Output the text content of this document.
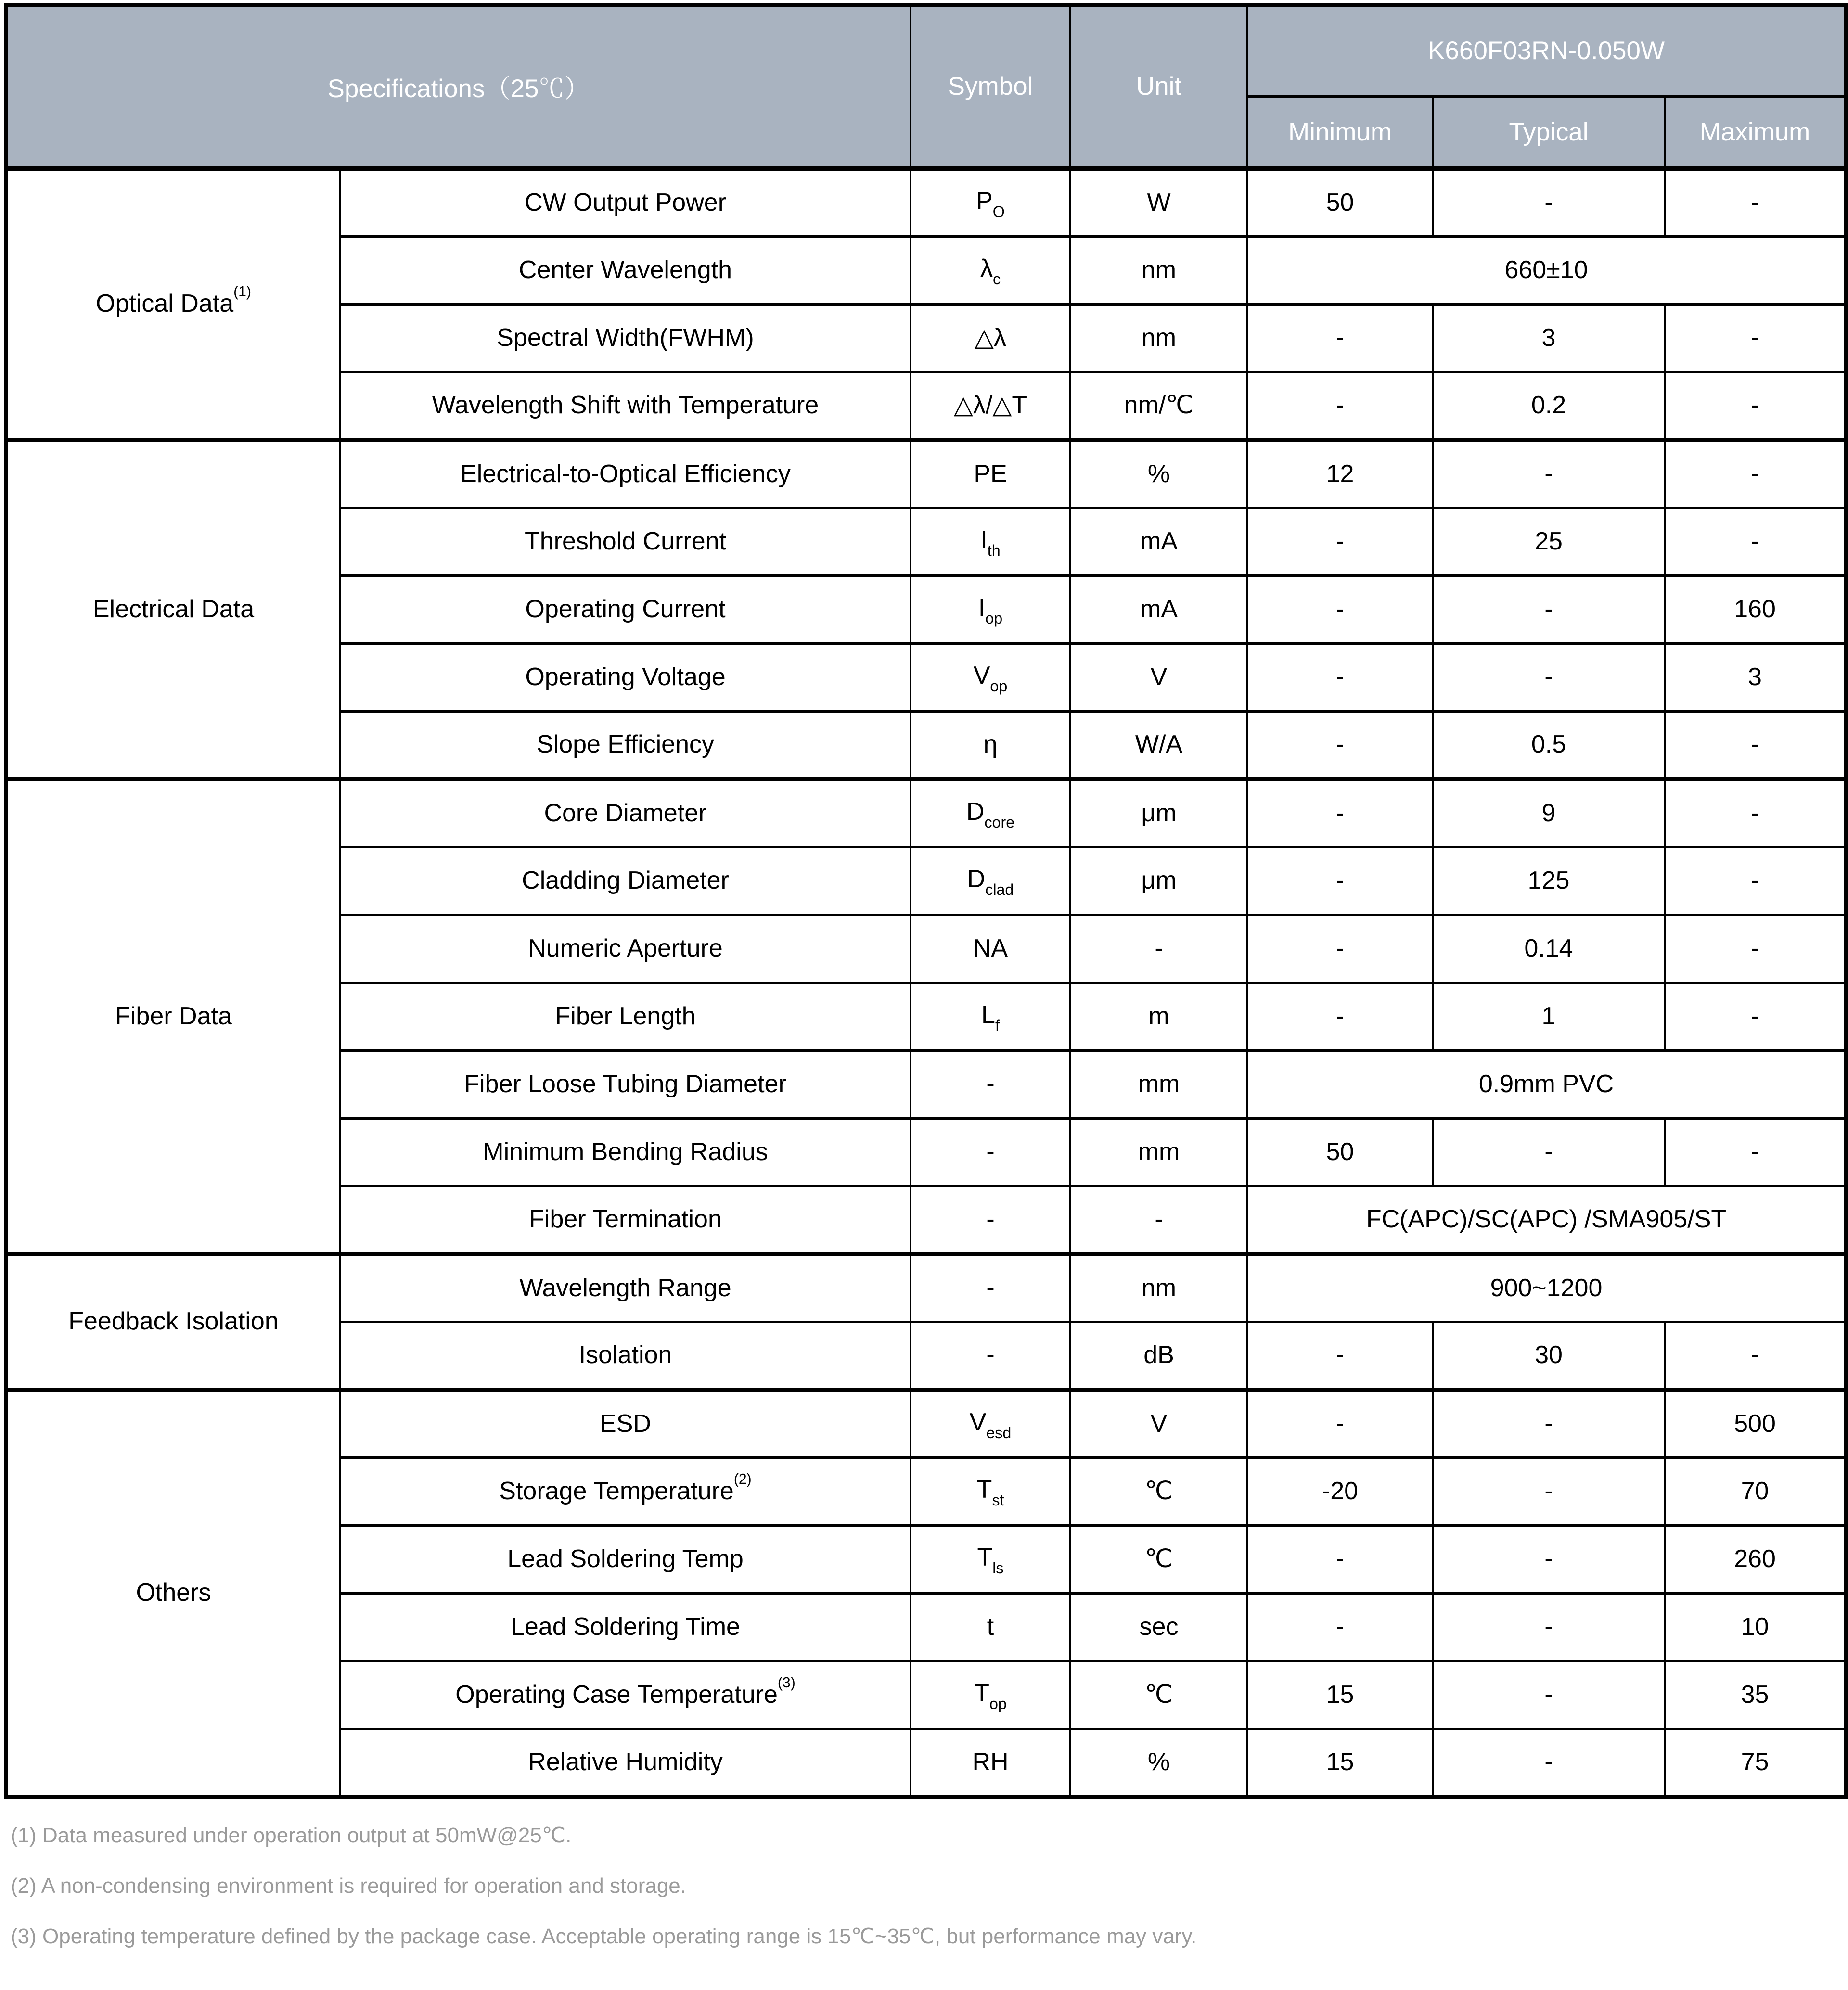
Specifications（25℃）		Symbol	Unit	K660F03RN-0.050W		
				Minimum	Typical	Maximum
Optical Data$^{(1)}$	CW Output Power	$P_O$	W	50	-	-
	Center Wavelength	$\lambda_c$	nm	660±10		
	Spectral Width(FWHM)	△λ	nm	-	3	-
	Wavelength Shift with Temperature	△λ/△T	nm/℃	-	0.2	-
Electrical Data	Electrical-to-Optical Efficiency	PE	%	12	-	-
	Threshold Current	$I_{th}$	mA	-	25	-
	Operating Current	$I_{op}$	mA	-	-	160
	Operating Voltage	$V_{op}$	V	-	-	3
	Slope Efficiency	η	W/A	-	0.5	-
Fiber Data	Core Diameter	$D_{core}$	μm	-	9	-
	Cladding Diameter	$D_{clad}$	μm	-	125	-
	Numeric Aperture	NA	-	-	0.14	-
	Fiber Length	$L_f$	m	-	1	-
	Fiber Loose Tubing Diameter	-	mm	0.9mm PVC		
	Minimum Bending Radius	-	mm	50	-	-
	Fiber Termination	-	-	FC(APC)/SC(APC) /SMA905/ST		
Feedback Isolation	Wavelength Range	-	nm	900~1200		
	Isolation	-	dB	-	30	-
Others	ESD	$V_{esd}$	V	-	-	500
	Storage Temperature$^{(2)}$	$T_{st}$	℃	-20	-	70
	Lead Soldering Temp	$T_{ls}$	℃	-	-	260
	Lead Soldering Time	t	sec	-	-	10
	Operating Case Temperature$^{(3)}$	$T_{op}$	℃	15	-	35
	Relative Humidity	RH	%	15	-	75

(1) Data measured under operation output at 50mW@25℃.

(2) A non-condensing environment is required for operation and storage.

(3) Operating temperature defined by the package case. Acceptable operating range is 15℃~35℃, but performance may vary.
